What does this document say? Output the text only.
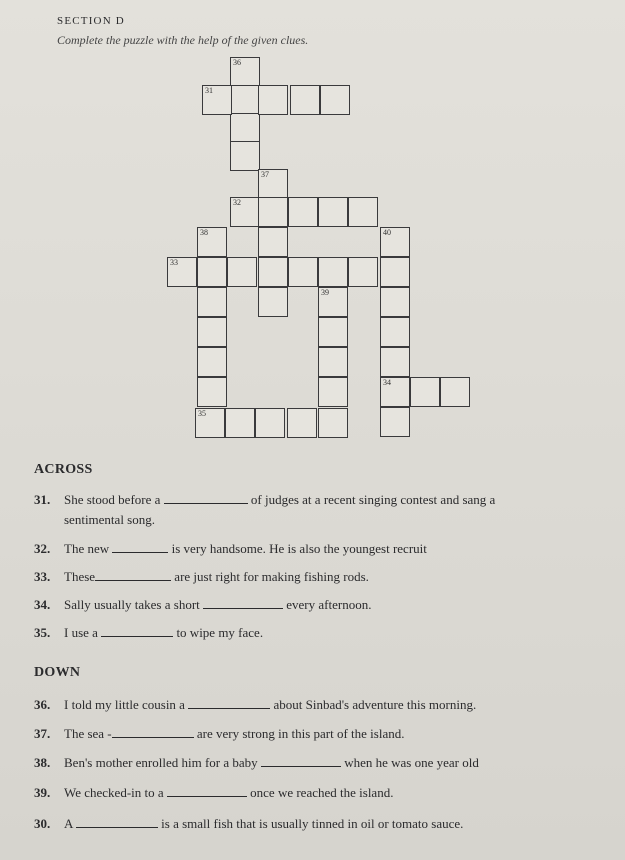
SECTION D
Complete the puzzle with the help of the given clues.
36
31
37
32
38
33
40
34
39
35
ACROSS
31. She stood before a	of judges at a recent singing contest and sang a
sentimental song.
32. The new	is very handsome. He is also the youngest recruit
33. These	are just right for making fishing rods.
34. Sally usually takes a short	every afternoon.
35. I use a	to wipe my face.
DOWN
36. I told my little cousin a	about Sinbad's adventure this morning.
37. The sea -	are very strong in this part of the island.
38. Ben's mother enrolled him for a baby	when he was one year old
39. We checked-in to a	once we reached the island.
30. A	is a small fish that is usually tinned in oil or tomato sauce.
